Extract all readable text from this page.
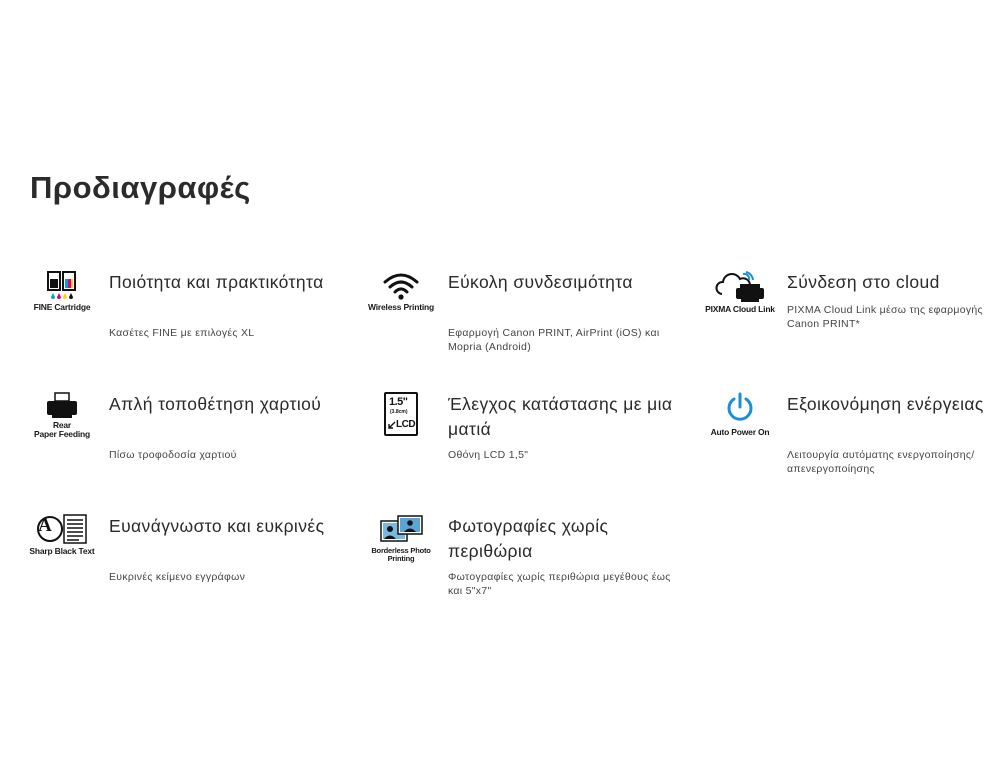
Προδιαγραφές
FINE Cartridge
Ποιότητα και πρακτικότητα

Κασέτες FINE με επιλογές XL

Wireless Printing
Εύκολη συνδεσιμότητα

Εφαρμογή Canon PRINT, AirPrint (iOS) και Mopria (Android)

PIXMA Cloud Link
Σύνδεση στο cloud

PIXMA Cloud Link μέσω της εφαρμογής Canon PRINT*

Rear
Paper Feeding
Απλή τοποθέτηση χαρτιού

Πίσω τροφοδοσία χαρτιού

1.5"
(3.8cm)
LCD
Έλεγχος κατάστασης με μια ματιά

Οθόνη LCD 1,5"

Auto Power On
Εξοικονόμηση ενέργειας

Λειτουργία αυτόματης ενεργοποίησης/ απενεργοποίησης

A
Sharp Black Text
Ευανάγνωστο και ευκρινές

Ευκρινές κείμενο εγγράφων

Borderless Photo
Printing
Φωτογραφίες χωρίς περιθώρια

Φωτογραφίες χωρίς περιθώρια μεγέθους έως και 5"x7"
